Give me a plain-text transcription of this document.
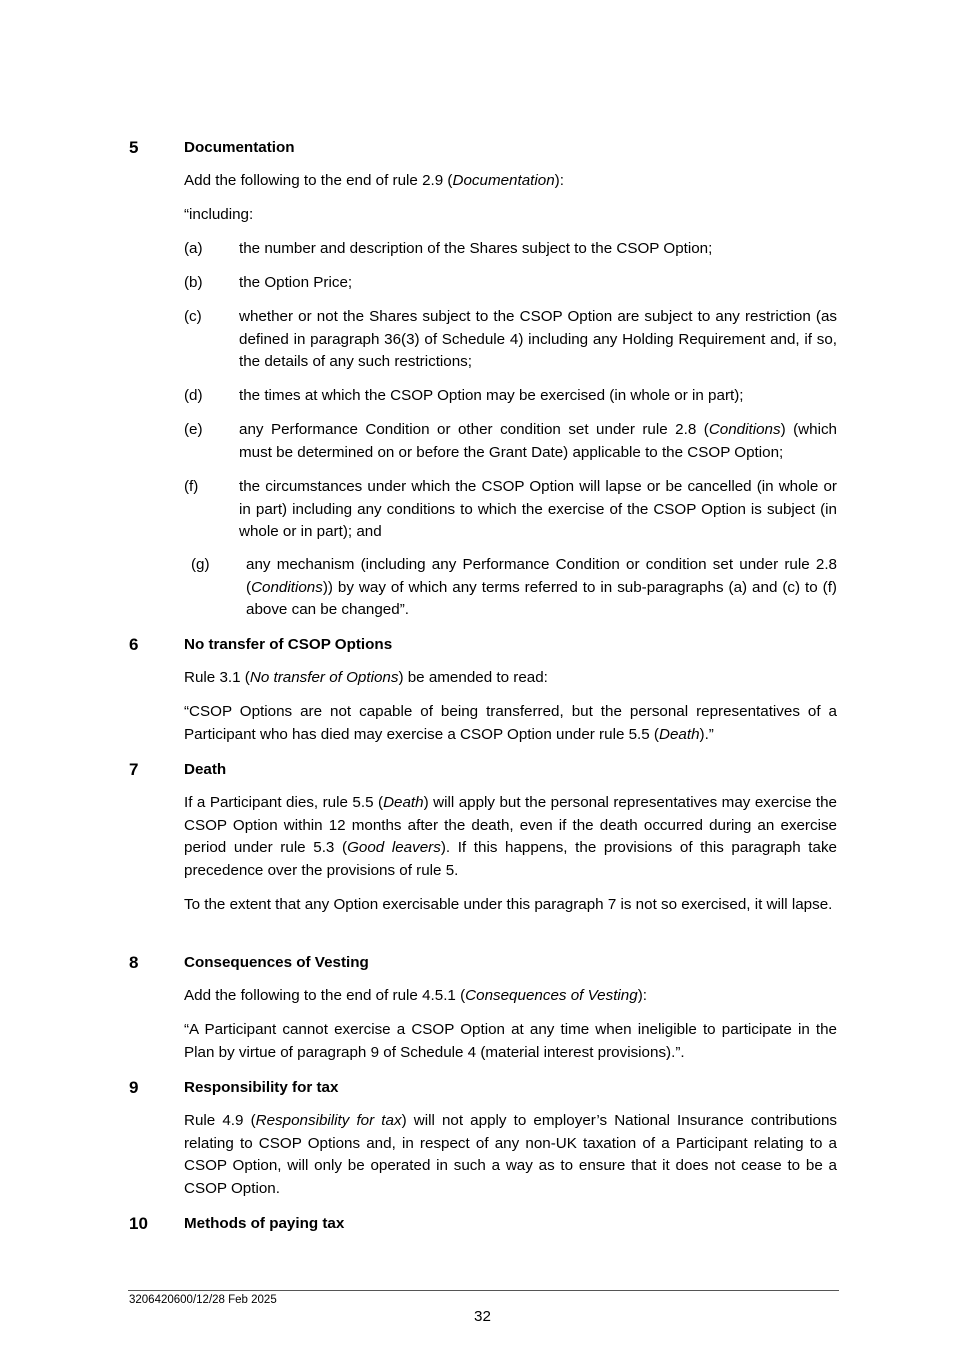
5	Documentation

Add the following to the end of rule 2.9 (Documentation):

“including:

(a) the number and description of the Shares subject to the CSOP Option;
(b) the Option Price;
(c) whether or not the Shares subject to the CSOP Option are subject to any restriction (as defined in paragraph 36(3) of Schedule 4) including any Holding Requirement and, if so, the details of any such restrictions;
(d) the times at which the CSOP Option may be exercised (in whole or in part);
(e) any Performance Condition or other condition set under rule 2.8 (Conditions) (which must be determined on or before the Grant Date) applicable to the CSOP Option;
(f)	the circumstances under which the CSOP Option will lapse or be cancelled (in whole or in part) including any conditions to which the exercise of the CSOP Option is subject (in whole or in part); and
(g) any mechanism (including any Performance Condition or condition set under rule 2.8 (Conditions)) by way of which any terms referred to in sub-paragraphs (a) and (c) to (f) above can be changed”.
6	No transfer of CSOP Options

Rule 3.1 (No transfer of Options) be amended to read:

“CSOP Options are not capable of being transferred, but the personal representatives of a Participant who has died may exercise a CSOP Option under rule 5.5 (Death).”

7	Death

If a Participant dies, rule 5.5 (Death) will apply but the personal representatives may exercise the CSOP Option within 12 months after the death, even if the death occurred during an exercise period under rule 5.3 (Good leavers). If this happens, the provisions of this paragraph take precedence over the provisions of rule 5.

To the extent that any Option exercisable under this paragraph 7 is not so exercised, it will lapse.

8	Consequences of Vesting

Add the following to the end of rule 4.5.1 (Consequences of Vesting):

“A Participant cannot exercise a CSOP Option at any time when ineligible to participate in the Plan by virtue of paragraph 9 of Schedule 4 (material interest provisions).”.

9	Responsibility for tax

Rule 4.9 (Responsibility for tax) will not apply to employer’s National Insurance contributions relating to CSOP Options and, in respect of any non-UK taxation of a Participant relating to a CSOP Option, will only be operated in such a way as to ensure that it does not cease to be a CSOP Option.

10 Methods of paying tax
3206420600/12/28 Feb 2025
32
